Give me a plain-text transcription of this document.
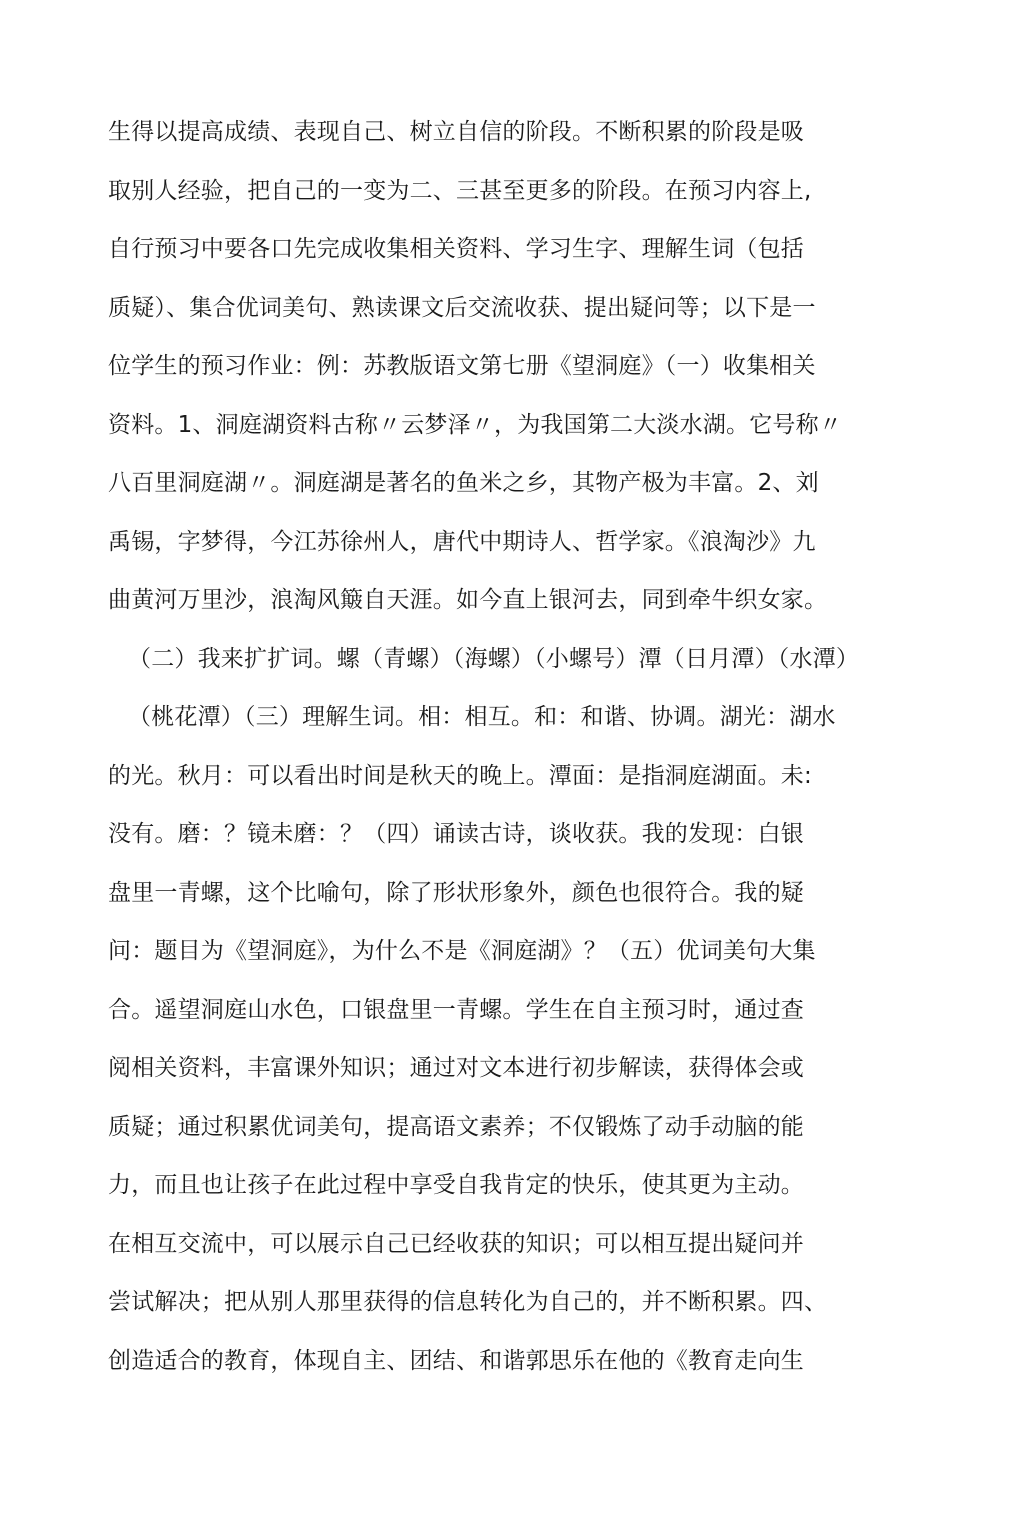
生得以提高成绩、表现自己、树立自信的阶段。不断积累的阶段是吸
取别人经验，把自己的一变为二、三甚至更多的阶段。在预习内容上,
自行预习中要各口先完成收集相关资料、学习生字、理解生词（包括
质疑）、集合优词美句、熟读课文后交流收获、提出疑问等；以下是一
位学生的预习作业：例：苏教版语文第七册《望洞庭》（一）收集相关
资料。1、洞庭湖资料古称〃云梦泽〃，为我国第二大淡水湖。它号称〃
八百里洞庭湖〃。洞庭湖是著名的鱼米之乡，其物产极为丰富。2、刘
禹锡，字梦得，今江苏徐州人，唐代中期诗人、哲学家。《浪淘沙》九
曲黄河万里沙，浪淘风簸自天涯。如今直上银河去，同到牵牛织女家。
（二）我来扩扩词。螺（青螺）（海螺）（小螺号）潭（日月潭）（水潭）
（桃花潭）（三）理解生词。相：相互。和：和谐、协调。湖光：湖水
的光。秋月：可以看出时间是秋天的晚上。潭面：是指洞庭湖面。未:
没有。磨：？镜未磨：？（四）诵读古诗，谈收获。我的发现：白银
盘里一青螺，这个比喻句，除了形状形象外，颜色也很符合。我的疑
问：题目为《望洞庭》，为什么不是《洞庭湖》？（五）优词美句大集
合。遥望洞庭山水色，口银盘里一青螺。学生在自主预习时，通过查
阅相关资料，丰富课外知识；通过对文本进行初步解读，获得体会或
质疑；通过积累优词美句，提高语文素养；不仅锻炼了动手动脑的能
力，而且也让孩子在此过程中享受自我肯定的快乐，使其更为主动。
在相互交流中，可以展示自己已经收获的知识；可以相互提出疑问并
尝试解决；把从别人那里获得的信息转化为自己的，并不断积累。四、
创造适合的教育，体现自主、团结、和谐郭思乐在他的《教育走向生
